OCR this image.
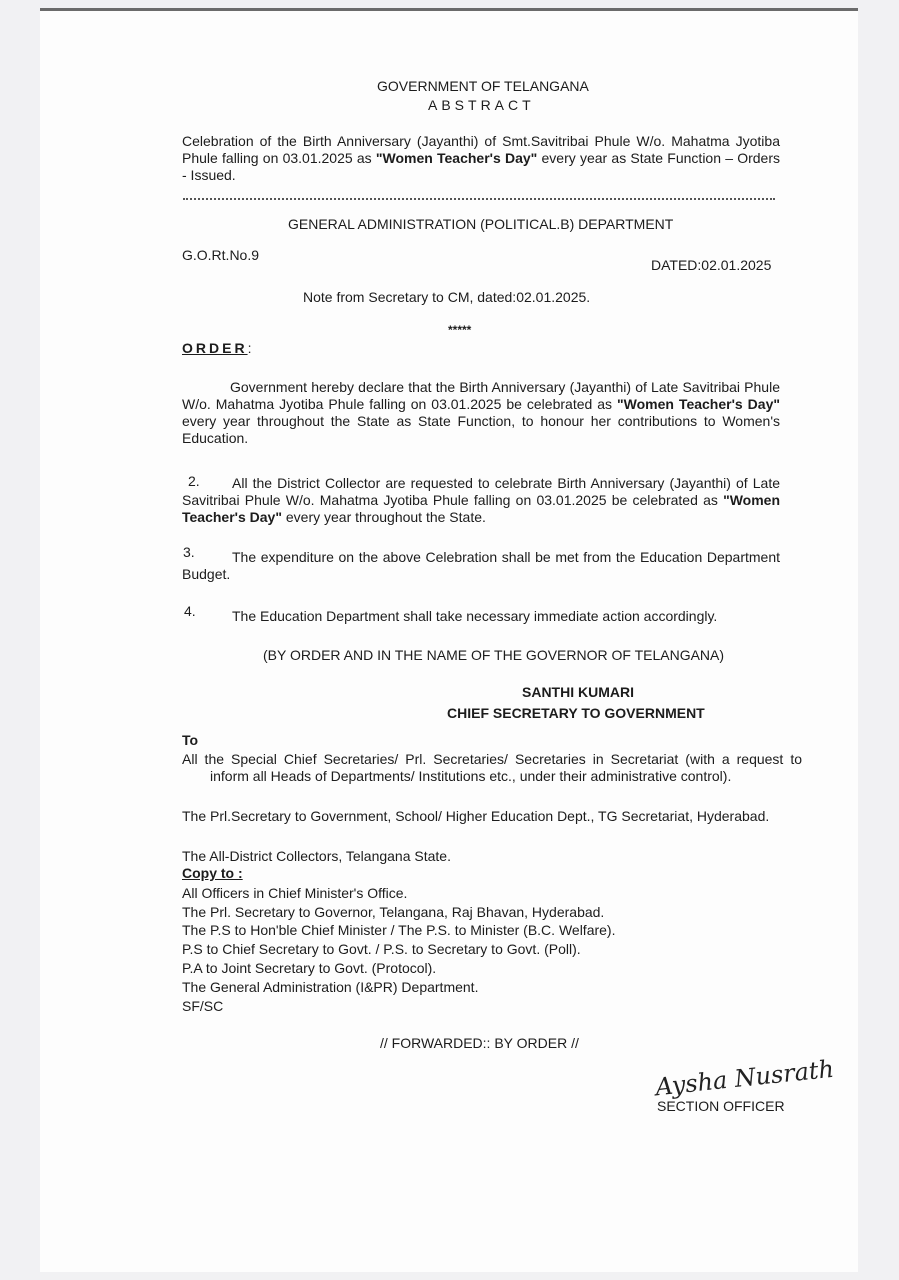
GOVERNMENT OF TELANGANA
ABSTRACT
Celebration of the Birth Anniversary (Jayanthi) of Smt.Savitribai Phule W/o. Mahatma Jyotiba Phule falling on 03.01.2025 as "Women Teacher's Day" every year as State Function – Orders - Issued.
GENERAL ADMINISTRATION (POLITICAL.B) DEPARTMENT
G.O.Rt.No.9
DATED:02.01.2025
Note from Secretary to CM, dated:02.01.2025.
*****
ORDER:
Government hereby declare that the Birth Anniversary (Jayanthi) of Late Savitribai Phule W/o. Mahatma Jyotiba Phule falling on 03.01.2025 be celebrated as "Women Teacher's Day" every year throughout the State as State Function, to honour her contributions to Women's Education.
2.	All the District Collector are requested to celebrate Birth Anniversary (Jayanthi) of Late Savitribai Phule W/o. Mahatma Jyotiba Phule falling on 03.01.2025 be celebrated as "Women Teacher's Day" every year throughout the State.
3.	The expenditure on the above Celebration shall be met from the Education Department Budget.
4.	The Education Department shall take necessary immediate action accordingly.
(BY ORDER AND IN THE NAME OF THE GOVERNOR OF TELANGANA)
SANTHI KUMARI
CHIEF SECRETARY TO GOVERNMENT
To
All the Special Chief Secretaries/ Prl. Secretaries/ Secretaries in Secretariat (with a request to inform all Heads of Departments/ Institutions etc., under their administrative control).
The Prl.Secretary to Government, School/ Higher Education Dept., TG Secretariat, Hyderabad.
The All-District Collectors, Telangana State.
Copy to :
All Officers in Chief Minister's Office.
The Prl. Secretary to Governor, Telangana, Raj Bhavan, Hyderabad.
The P.S to Hon'ble Chief Minister / The P.S. to Minister (B.C. Welfare).
P.S to Chief Secretary to Govt. / P.S. to Secretary to Govt. (Poll).
P.A to Joint Secretary to Govt. (Protocol).
The General Administration (I&PR) Department.
SF/SC
// FORWARDED:: BY ORDER //
Aysha Nusrath
SECTION OFFICER
